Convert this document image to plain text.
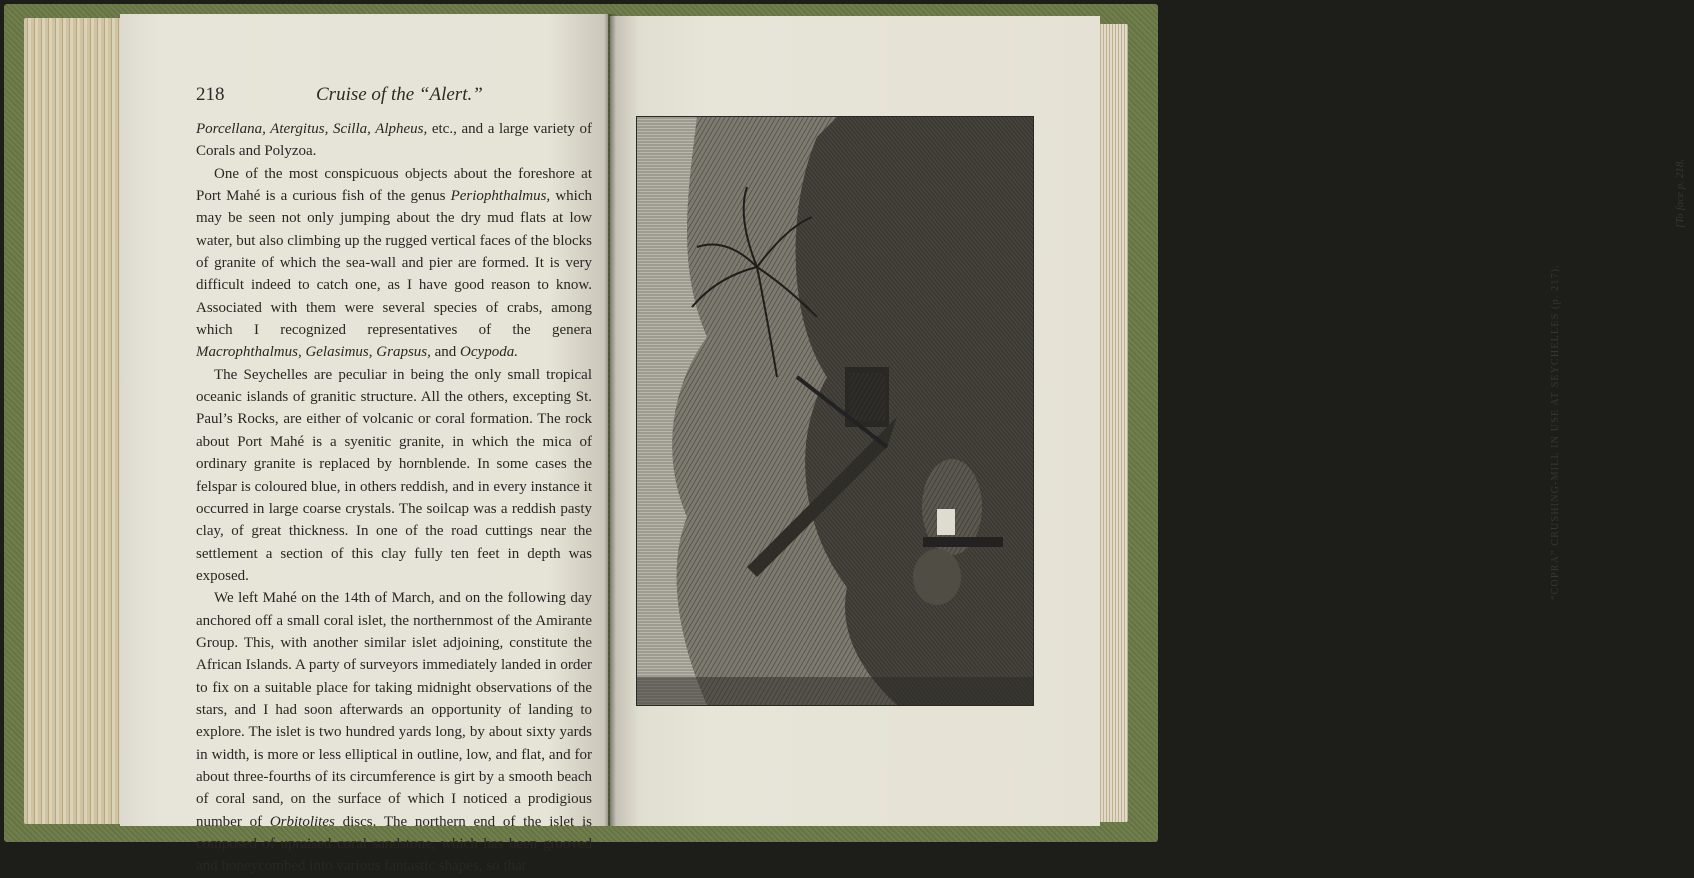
218	Cruise of the “Alert.”

Porcellana, Atergitus, Scilla, Alpheus, etc., and a large variety of Corals and Polyzoa.

One of the most conspicuous objects about the foreshore at Port Mahé is a curious fish of the genus Periophthalmus, which may be seen not only jumping about the dry mud flats at low water, but also climbing up the rugged vertical faces of the blocks of granite of which the sea-wall and pier are formed. It is very difficult indeed to catch one, as I have good reason to know. Associated with them were several species of crabs, among which I recognized representatives of the genera Macrophthalmus, Gelasimus, Grapsus, and Ocypoda.

The Seychelles are peculiar in being the only small tropical oceanic islands of granitic structure. All the others, excepting St. Paul’s Rocks, are either of volcanic or coral formation. The rock about Port Mahé is a syenitic granite, in which the mica of ordinary granite is replaced by hornblende. In some cases the felspar is coloured blue, in others reddish, and in every instance it occurred in large coarse crystals. The soilcap was a reddish pasty clay, of great thickness. In one of the road cuttings near the settlement a section of this clay fully ten feet in depth was exposed.

We left Mahé on the 14th of March, and on the following day anchored off a small coral islet, the northernmost of the Amirante Group. This, with another similar islet adjoining, constitute the African Islands. A party of surveyors immediately landed in order to fix on a suitable place for taking midnight observations of the stars, and I had soon afterwards an opportunity of landing to explore. The islet is two hundred yards long, by about sixty yards in width, is more or less elliptical in outline, low, and flat, and for about three-fourths of its circumference is girt by a smooth beach of coral sand, on the surface of which I noticed a prodigious number of Orbitolites discs. The northern end of the islet is composed of upraised coral sandstone, which has been grooved and honeycombed into various fantastic shapes, so that

“COPRA” CRUSHING-MILL IN USE AT SEYCHELLES (p. 217).
[To face p. 218.
